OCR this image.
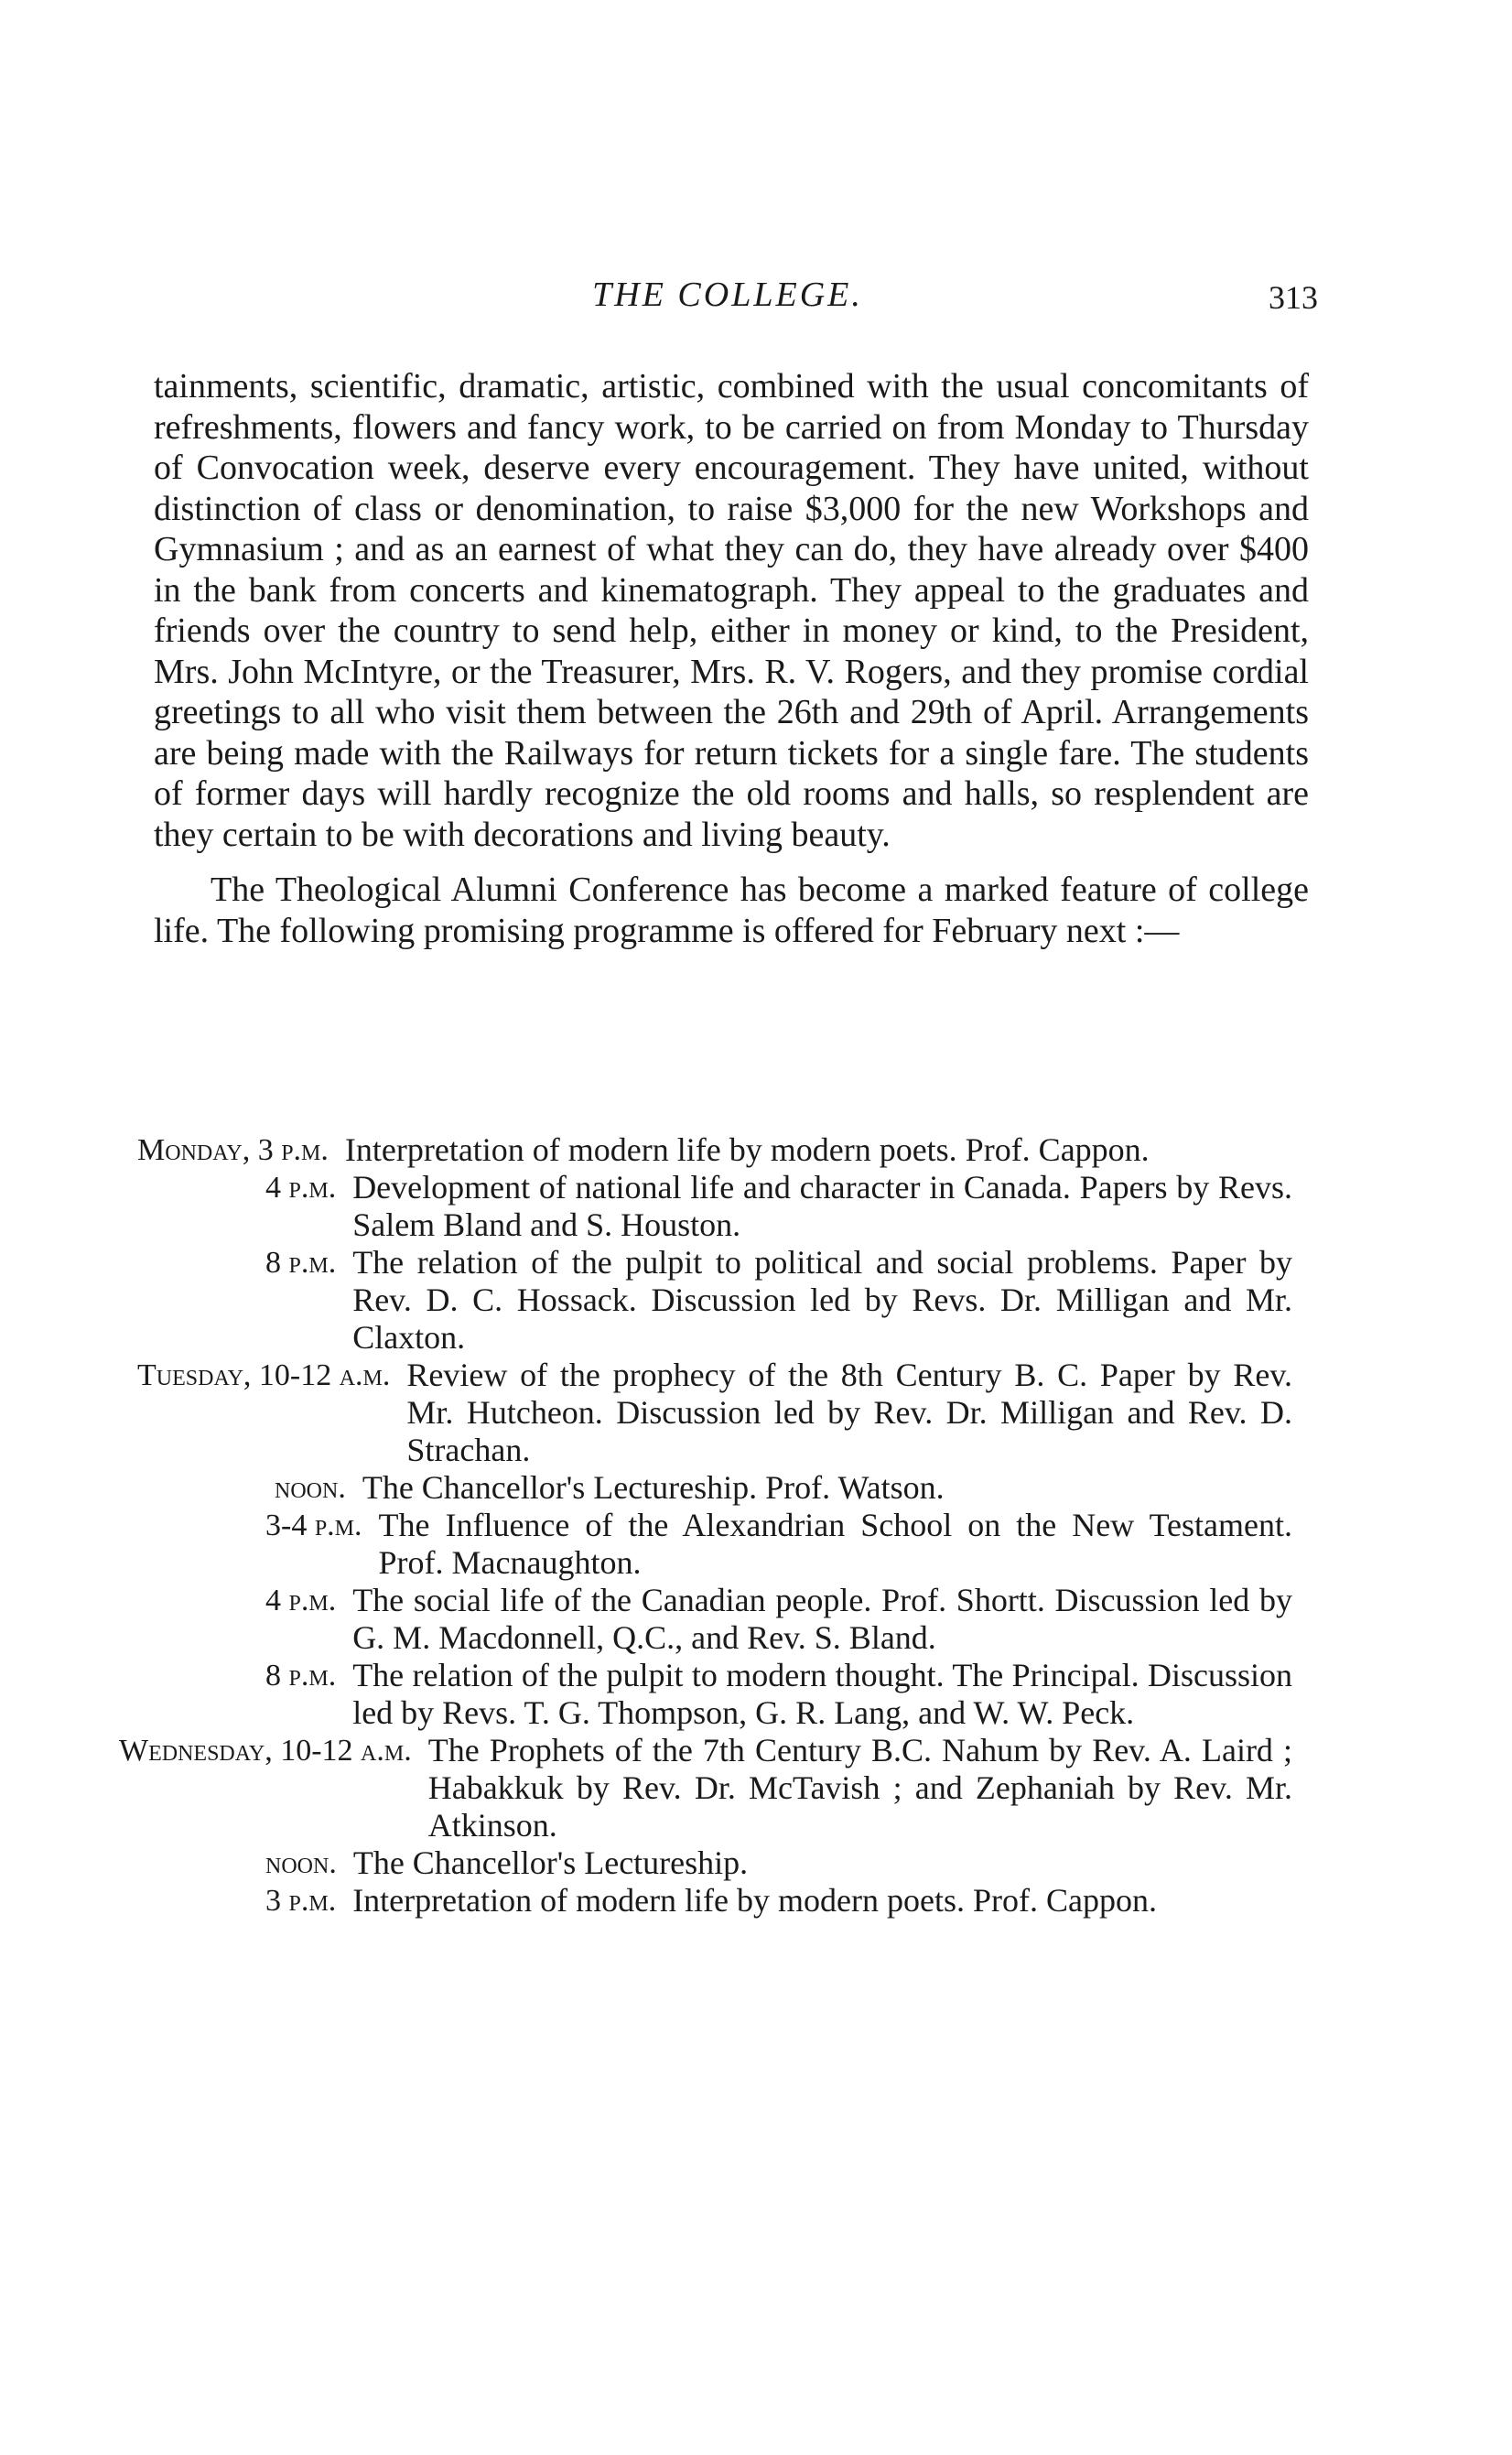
THE COLLEGE.	313

tainments, scientific, dramatic, artistic, combined with the usual concomitants of refreshments, flowers and fancy work, to be carried on from Monday to Thursday of Convocation week, deserve every encouragement. They have united, without distinction of class or denomination, to raise $3,000 for the new Workshops and Gymnasium ; and as an earnest of what they can do, they have already over $400 in the bank from concerts and kinematograph. They appeal to the graduates and friends over the country to send help, either in money or kind, to the President, Mrs. John McIntyre, or the Treasurer, Mrs. R. V. Rogers, and they promise cordial greetings to all who visit them between the 26th and 29th of April. Arrangements are being made with the Railways for return tickets for a single fare. The students of former days will hardly recognize the old rooms and halls, so resplendent are they certain to be with decorations and living beauty.

The Theological Alumni Conference has become a marked feature of college life. The following promising programme is offered for February next :—

Monday, 3 p.m. Interpretation of modern life by modern poets. Prof. Cappon.
4 p.m. Development of national life and character in Canada. Papers by Revs. Salem Bland and S. Houston.
8 p.m. The relation of the pulpit to political and social problems. Paper by Rev. D. C. Hossack. Discussion led by Revs. Dr. Milligan and Mr. Claxton.
Tuesday, 10-12 a.m. Review of the prophecy of the 8th Century B. C. Paper by Rev. Mr. Hutcheon. Discussion led by Rev. Dr. Milligan and Rev. D. Strachan.
noon. The Chancellor's Lectureship. Prof. Watson.
3-4 p.m. The Influence of the Alexandrian School on the New Testament. Prof. Macnaughton.
4 p.m. The social life of the Canadian people. Prof. Shortt. Discussion led by G. M. Macdonnell, Q.C., and Rev. S. Bland.
8 p.m. The relation of the pulpit to modern thought. The Principal. Discussion led by Revs. T. G. Thompson, G. R. Lang, and W. W. Peck.
Wednesday, 10-12 a.m. The Prophets of the 7th Century B.C. Nahum by Rev. A. Laird ; Habakkuk by Rev. Dr. McTavish ; and Zephaniah by Rev. Mr. Atkinson.
noon. The Chancellor's Lectureship.
3 p.m. Interpretation of modern life by modern poets. Prof. Cappon.
